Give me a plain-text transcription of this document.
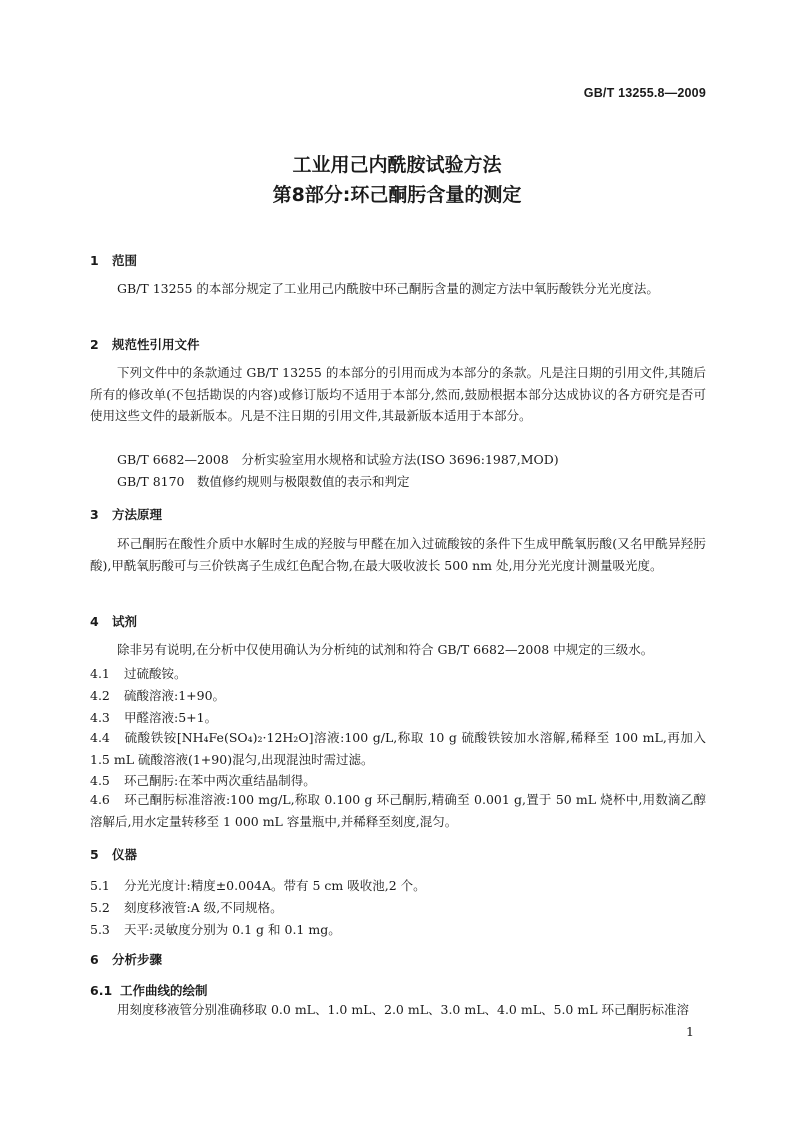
GB/T 13255.8—2009
工业用己内酰胺试验方法
第8部分:环己酮肟含量的测定
1 范围
GB/T 13255 的本部分规定了工业用己内酰胺中环己酮肟含量的测定方法中氧肟酸铁分光光度法。
2 规范性引用文件
下列文件中的条款通过 GB/T 13255 的本部分的引用而成为本部分的条款。凡是注日期的引用文件,其随后所有的修改单(不包括勘误的内容)或修订版均不适用于本部分,然而,鼓励根据本部分达成协议的各方研究是否可使用这些文件的最新版本。凡是不注日期的引用文件,其最新版本适用于本部分。
GB/T 6682—2008　分析实验室用水规格和试验方法(ISO 3696:1987,MOD)
GB/T 8170　数值修约规则与极限数值的表示和判定
3 方法原理
环己酮肟在酸性介质中水解时生成的羟胺与甲醛在加入过硫酸铵的条件下生成甲酰氧肟酸(又名甲酰异羟肟酸),甲酰氧肟酸可与三价铁离子生成红色配合物,在最大吸收波长 500 nm 处,用分光光度计测量吸光度。
4 试剂
除非另有说明,在分析中仅使用确认为分析纯的试剂和符合 GB/T 6682—2008 中规定的三级水。
4.1 过硫酸铵。
4.2 硫酸溶液:1+90。
4.3 甲醛溶液:5+1。
4.4 硫酸铁铵[NH₄Fe(SO₄)₂·12H₂O]溶液:100 g/L,称取 10 g 硫酸铁铵加水溶解,稀释至 100 mL,再加入 1.5 mL 硫酸溶液(1+90)混匀,出现混浊时需过滤。
4.5 环己酮肟:在苯中两次重结晶制得。
4.6 环己酮肟标准溶液:100 mg/L,称取 0.100 g 环己酮肟,精确至 0.001 g,置于 50 mL 烧杯中,用数滴乙醇溶解后,用水定量转移至 1 000 mL 容量瓶中,并稀释至刻度,混匀。
5 仪器
5.1 分光光度计:精度±0.004A。带有 5 cm 吸收池,2 个。
5.2 刻度移液管:A 级,不同规格。
5.3 天平:灵敏度分别为 0.1 g 和 0.1 mg。
6 分析步骤
6.1 工作曲线的绘制
用刻度移液管分别准确移取 0.0 mL、1.0 mL、2.0 mL、3.0 mL、4.0 mL、5.0 mL 环己酮肟标准溶
1
